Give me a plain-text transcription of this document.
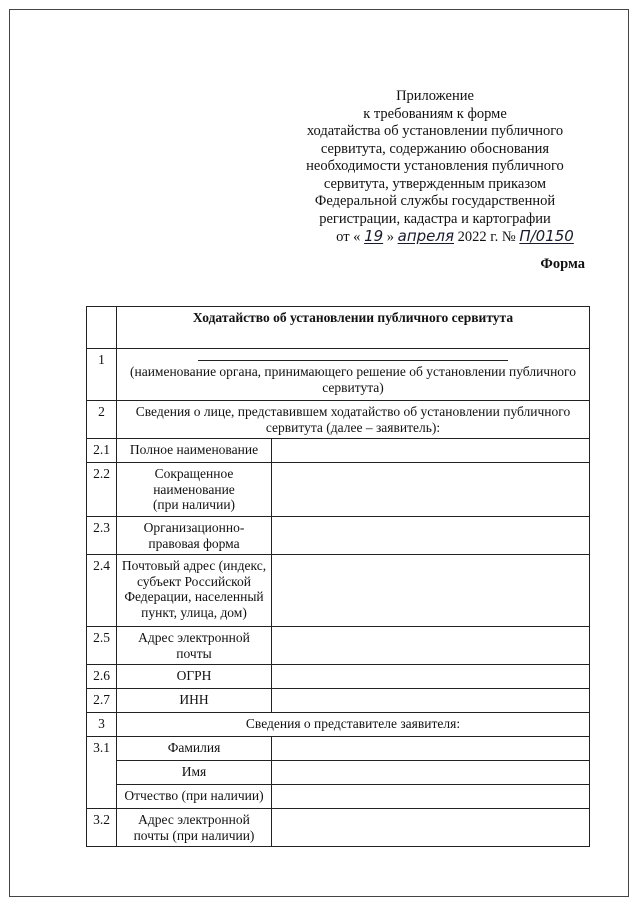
Приложение
к требованиям к форме
ходатайства об установлении публичного
сервитута, содержанию обоснования
необходимости установления публичного
сервитута, утвержденным приказом
Федеральной службы государственной
регистрации, кадастра и картографии
от « 19 » апреля 2022 г. № П/0150
Форма
	Ходатайство об установлении публичного сервитута	
1	(наименование органа, принимающего решение об установлении публичного сервитута)	
2	Сведения о лице, представившем ходатайство об установлении публичного сервитута (далее – заявитель):	
2.1	Полное наименование	
2.2	Сокращенное наименование (при наличии)	
2.3	Организационно-правовая форма	
2.4	Почтовый адрес (индекс, субъект Российской Федерации, населенный пункт, улица, дом)	
2.5	Адрес электронной почты	
2.6	ОГРН	
2.7	ИНН	
3	Сведения о представителе заявителя:	
3.1	Фамилия	
	Имя	
	Отчество (при наличии)	
3.2	Адрес электронной почты (при наличии)	
